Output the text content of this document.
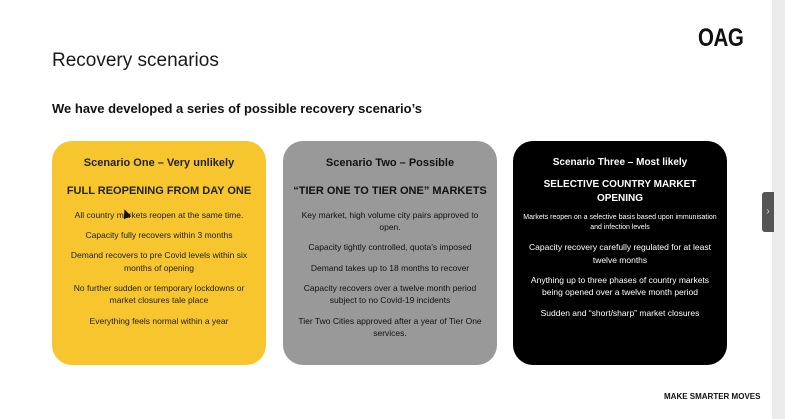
OAG
Recovery scenarios
We have developed a series of possible recovery scenario’s
Scenario One – Very unlikely
FULL REOPENING FROM DAY ONE
All country markets reopen at the same time.
Capacity fully recovers within 3 months
Demand recovers to pre Covid levels within six months of opening
No further sudden or temporary lockdowns or market closures tale place
Everything feels normal within a year
Scenario Two – Possible
“TIER ONE TO TIER ONE” MARKETS
Key market, high volume city pairs approved to open.
Capacity tightly controlled, quota’s imposed
Demand takes up to 18 months to recover
Capacity recovers over a twelve month period subject to no Covid-19 incidents
Tier Two Cities approved after a year of Tier One services.
Scenario Three – Most likely
SELECTIVE COUNTRY MARKET OPENING
Markets reopen on a selective basis based upon immunisation and infection levels
Capacity recovery carefully regulated for at least twelve months
Anything up to three phases of country markets being opened over a twelve month period
Sudden and “short/sharp” market closures
MAKE SMARTER MOVES
›
